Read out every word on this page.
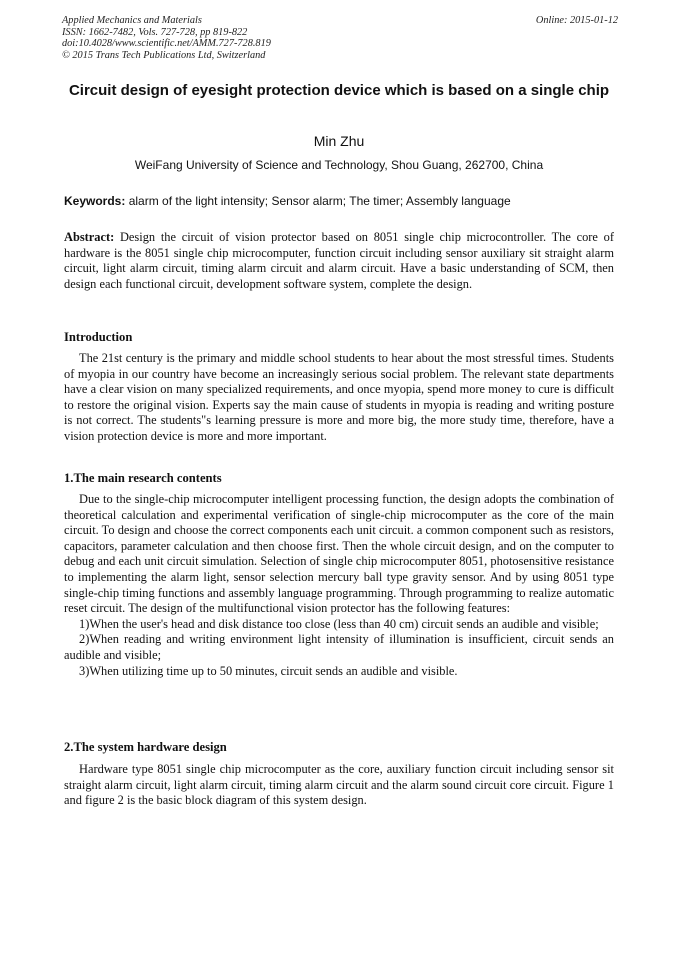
Applied Mechanics and Materials
ISSN: 1662-7482, Vols. 727-728, pp 819-822
doi:10.4028/www.scientific.net/AMM.727-728.819
© 2015 Trans Tech Publications Ltd, Switzerland
Online: 2015-01-12
Circuit design of eyesight protection device which is based on a single chip
Min Zhu
WeiFang University of Science and Technology, Shou Guang, 262700, China
Keywords: alarm of the light intensity; Sensor alarm; The timer; Assembly language

Abstract: Design the circuit of vision protector based on 8051 single chip microcontroller. The core of hardware is the 8051 single chip microcomputer, function circuit including sensor auxiliary sit straight alarm circuit, light alarm circuit, timing alarm circuit and alarm circuit. Have a basic understanding of SCM, then design each functional circuit, development software system, complete the design.

Introduction

The 21st century is the primary and middle school students to hear about the most stressful times. Students of myopia in our country have become an increasingly serious social problem. The relevant state departments have a clear vision on many specialized requirements, and once myopia, spend more money to cure is difficult to restore the original vision. Experts say the main cause of students in myopia is reading and writing posture is not correct. The students"s learning pressure is more and more big, the more study time, therefore, have a vision protection device is more and more important.

1.The main research contents

Due to the single-chip microcomputer intelligent processing function, the design adopts the combination of theoretical calculation and experimental verification of single-chip microcomputer as the core of the main circuit. To design and choose the correct components each unit circuit. a common component such as resistors, capacitors, parameter calculation and then choose first. Then the whole circuit design, and on the computer to debug and each unit circuit simulation. Selection of single chip microcomputer 8051, photosensitive resistance to implementing the alarm light, sensor selection mercury ball type gravity sensor. And by using 8051 type single-chip timing functions and assembly language programming. Through programming to realize automatic reset circuit. The design of the multifunctional vision protector has the following features:

1)When the user's head and disk distance too close (less than 40 cm) circuit sends an audible and visible;

2)When reading and writing environment light intensity of illumination is insufficient, circuit sends an audible and visible;

3)When utilizing time up to 50 minutes, circuit sends an audible and visible.

2.The system hardware design

Hardware type 8051 single chip microcomputer as the core, auxiliary function circuit including sensor sit straight alarm circuit, light alarm circuit, timing alarm circuit and the alarm sound circuit core circuit. Figure 1 and figure 2 is the basic block diagram of this system design.
